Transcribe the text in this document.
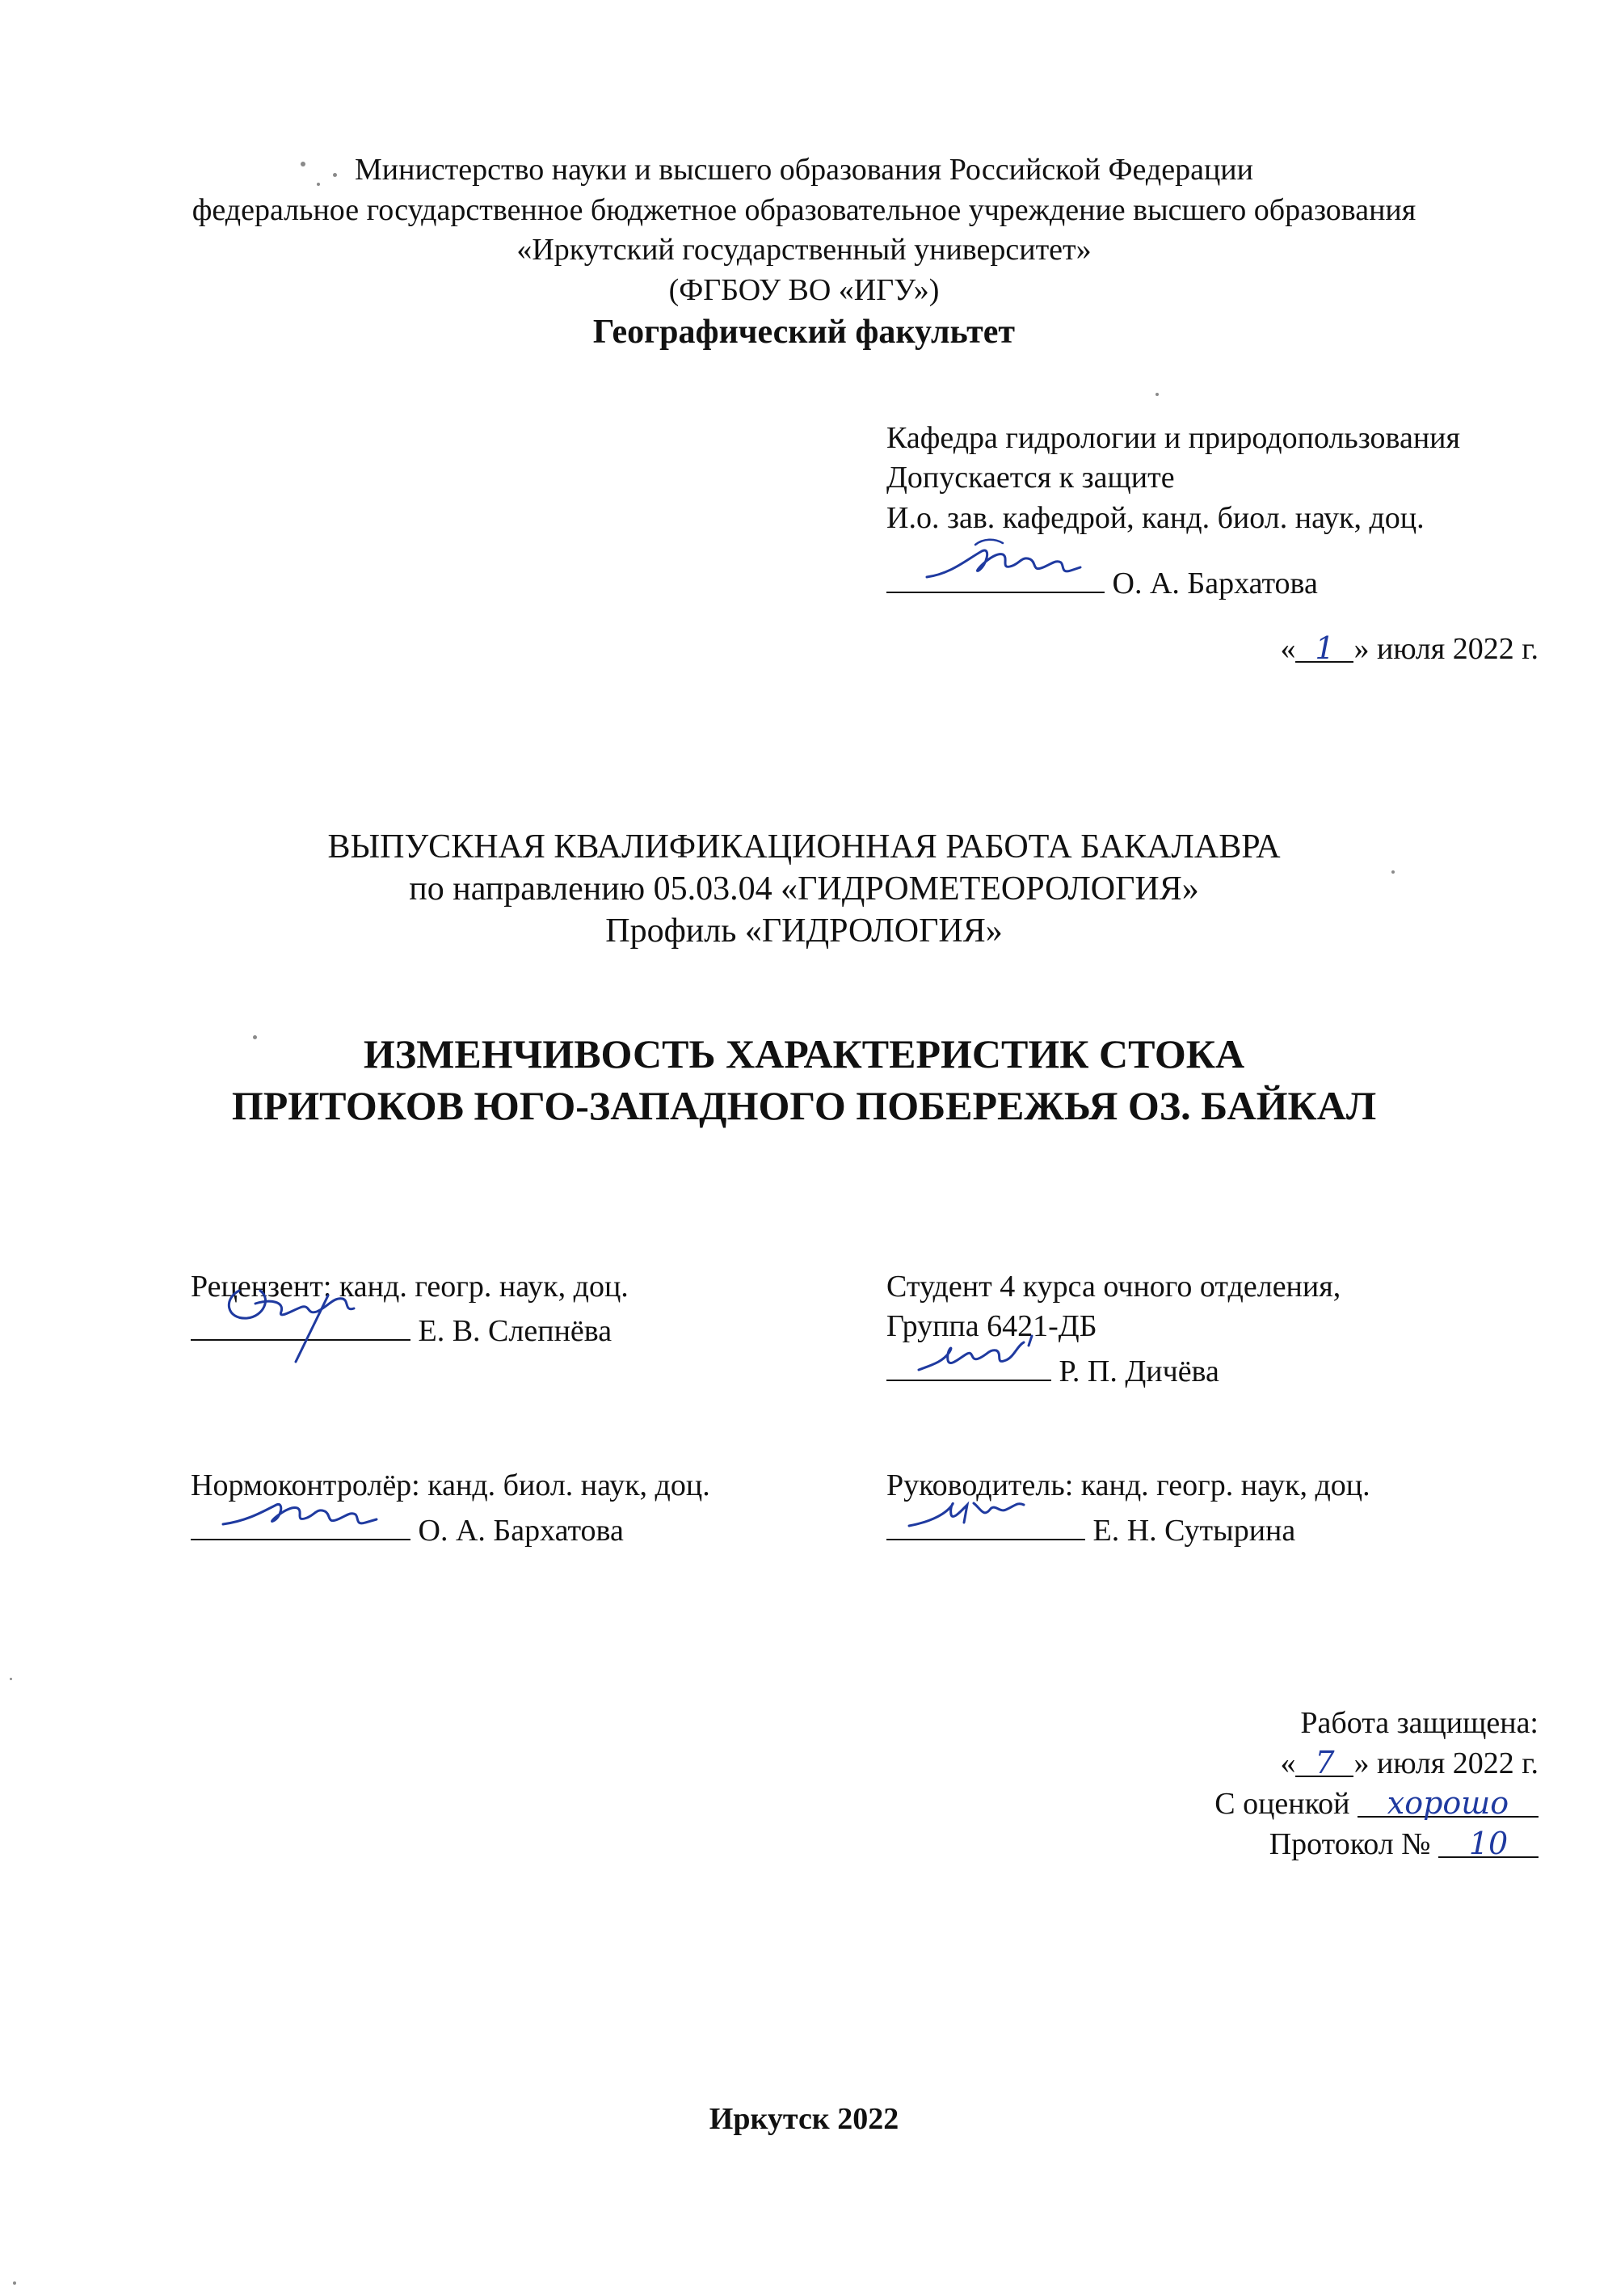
Министерство науки и высшего образования Российской Федерации
федеральное государственное бюджетное образовательное учреждение высшего образования
«Иркутский государственный университет»
(ФГБОУ ВО «ИГУ»)
Географический факультет
Кафедра гидрологии и природопользования
Допускается к защите
И.о. зав. кафедрой, канд. биол. наук, доц.
О. А. Бархатова
« 1 » июля 2022 г.
ВЫПУСКНАЯ КВАЛИФИКАЦИОННАЯ РАБОТА БАКАЛАВРА
по направлению 05.03.04 «ГИДРОМЕТЕОРОЛОГИЯ»
Профиль «ГИДРОЛОГИЯ»
ИЗМЕНЧИВОСТЬ ХАРАКТЕРИСТИК СТОКА
ПРИТОКОВ ЮГО-ЗАПАДНОГО ПОБЕРЕЖЬЯ ОЗ. БАЙКАЛ
Рецензент: канд. геогр. наук, доц.
Е. В. Слепнёва
Студент 4 курса очного отделения,
Группа 6421-ДБ
Р. П. Дичёва
Нормоконтролёр: канд. биол. наук, доц.
О. А. Бархатова
Руководитель: канд. геогр. наук, доц.
Е. Н. Сутырина
Работа защищена:
« 7 » июля 2022 г.
С оценкой хорошо
Протокол № 10
Иркутск 2022
